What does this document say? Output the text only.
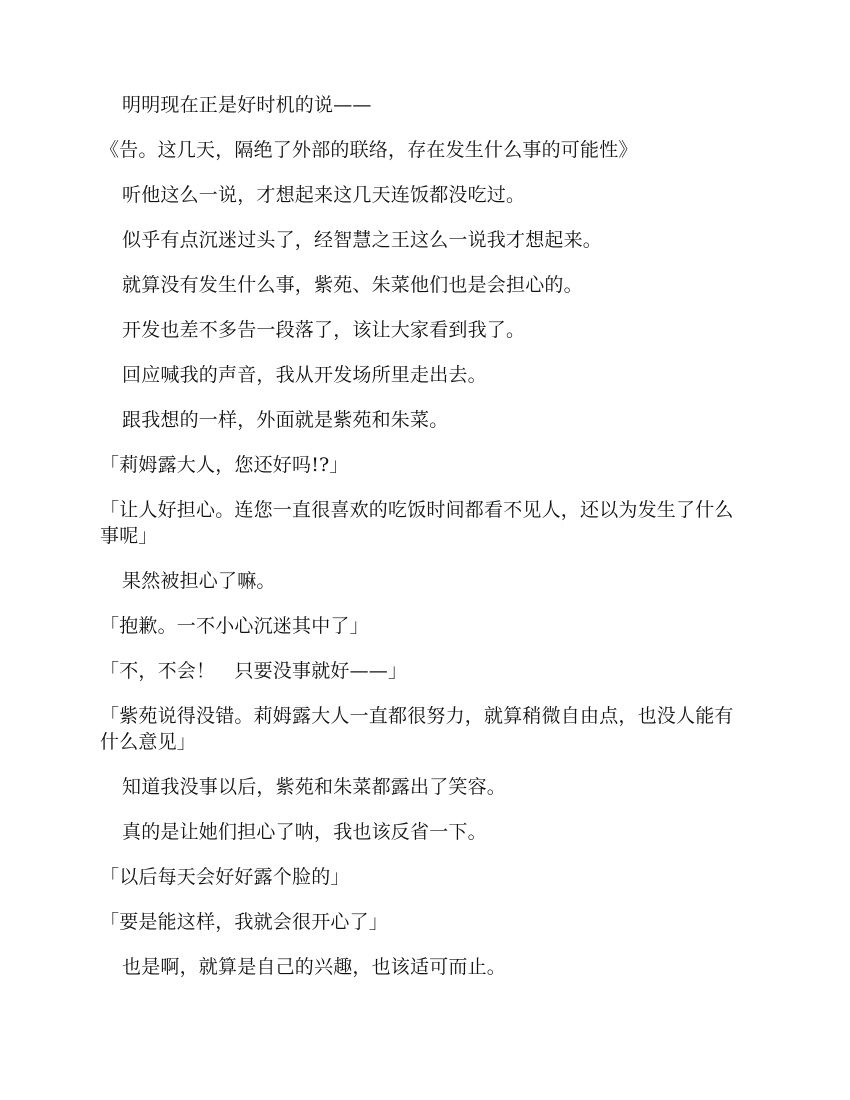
明明现在正是好时机的说——

《告。这几天，隔绝了外部的联络，存在发生什么事的可能性》

听他这么一说，才想起来这几天连饭都没吃过。

似乎有点沉迷过头了，经智慧之王这么一说我才想起来。

就算没有发生什么事，紫苑、朱菜他们也是会担心的。

开发也差不多告一段落了，该让大家看到我了。

回应喊我的声音，我从开发场所里走出去。

跟我想的一样，外面就是紫苑和朱菜。

「莉姆露大人，您还好吗!?」

「让人好担心。连您一直很喜欢的吃饭时间都看不见人，还以为发生了什么事呢」

果然被担心了嘛。

「抱歉。一不小心沉迷其中了」

「不，不会！　只要没事就好——」

「紫苑说得没错。莉姆露大人一直都很努力，就算稍微自由点，也没人能有什么意见」

知道我没事以后，紫苑和朱菜都露出了笑容。

真的是让她们担心了呐，我也该反省一下。

「以后每天会好好露个脸的」

「要是能这样，我就会很开心了」

也是啊，就算是自己的兴趣，也该适可而止。
